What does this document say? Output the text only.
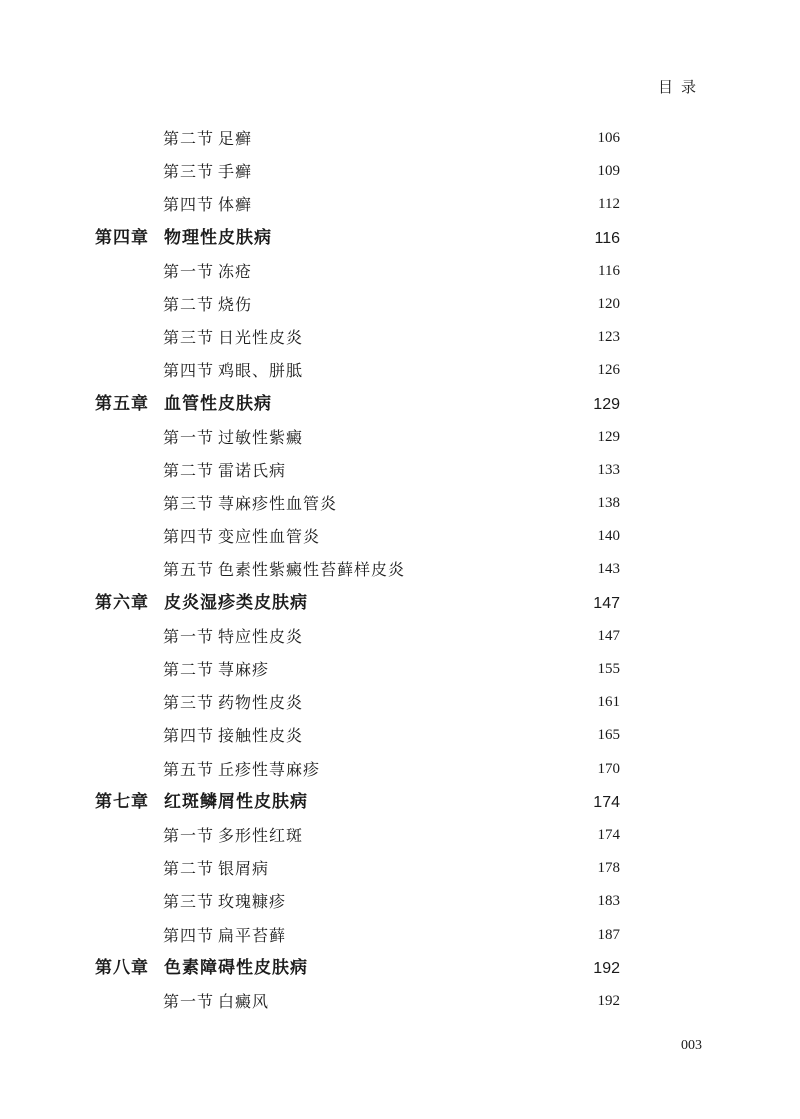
目录
第二节 足癣	106
第三节 手癣	109
第四节 体癣	112
第四章 物理性皮肤病	116
第一节 冻疮	116
第二节 烧伤	120
第三节 日光性皮炎	123
第四节 鸡眼、胼胝	126
第五章 血管性皮肤病	129
第一节 过敏性紫癜	129
第二节 雷诺氏病	133
第三节 荨麻疹性血管炎	138
第四节 变应性血管炎	140
第五节 色素性紫癜性苔藓样皮炎	143
第六章 皮炎湿疹类皮肤病	147
第一节 特应性皮炎	147
第二节 荨麻疹	155
第三节 药物性皮炎	161
第四节 接触性皮炎	165
第五节 丘疹性荨麻疹	170
第七章 红斑鳞屑性皮肤病	174
第一节 多形性红斑	174
第二节 银屑病	178
第三节 玫瑰糠疹	183
第四节 扁平苔藓	187
第八章 色素障碍性皮肤病	192
第一节 白癜风	192
003
